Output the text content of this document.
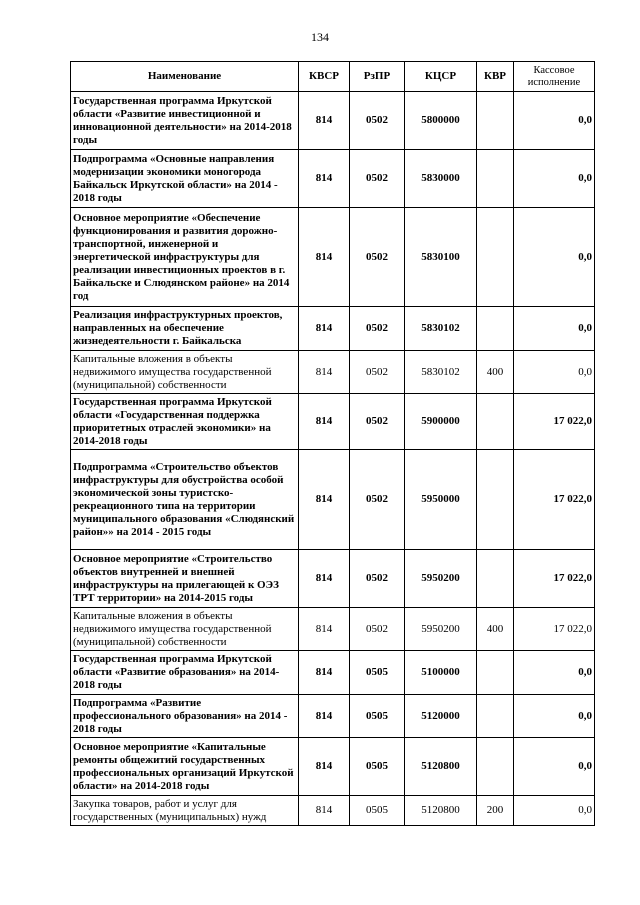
134
Наименование	КВСР	РзПР	КЦСР	КВР	Кассовое исполнение
Государственная программа Иркутской области «Развитие инвестиционной и инновационной деятельности» на 2014-2018 годы	814	0502	5800000		0,0
Подпрограмма «Основные направления модернизации экономики моногорода Байкальск Иркутской области» на 2014 - 2018 годы	814	0502	5830000		0,0
Основное мероприятие «Обеспечение функционирования и развития дорожно-транспортной, инженерной и энергетической инфраструктуры для реализации инвестиционных проектов в г. Байкальске и Слюдянском районе» на 2014 год	814	0502	5830100		0,0
Реализация инфраструктурных проектов, направленных на обеспечение жизнедеятельности г. Байкальска	814	0502	5830102		0,0
Капитальные вложения в объекты недвижимого имущества государственной (муниципальной) собственности	814	0502	5830102	400	0,0
Государственная программа Иркутской области «Государственная поддержка приоритетных отраслей экономики» на 2014-2018 годы	814	0502	5900000		17 022,0
Подпрограмма «Строительство объектов инфраструктуры для обустройства особой экономической зоны туристско-рекреационного типа на территории муниципального образования «Слюдянский район»» на 2014 - 2015 годы	814	0502	5950000		17 022,0
Основное мероприятие «Строительство объектов внутренней и внешней инфраструктуры на прилегающей к ОЭЗ ТРТ территории» на 2014-2015 годы	814	0502	5950200		17 022,0
Капитальные вложения в объекты недвижимого имущества государственной (муниципальной) собственности	814	0502	5950200	400	17 022,0
Государственная программа Иркутской области «Развитие образования» на 2014-2018 годы	814	0505	5100000		0,0
Подпрограмма «Развитие профессионального образования» на 2014 - 2018 годы	814	0505	5120000		0,0
Основное мероприятие «Капитальные ремонты общежитий государственных профессиональных организаций Иркутской области» на 2014-2018 годы	814	0505	5120800		0,0
Закупка товаров, работ и услуг для государственных (муниципальных) нужд	814	0505	5120800	200	0,0
